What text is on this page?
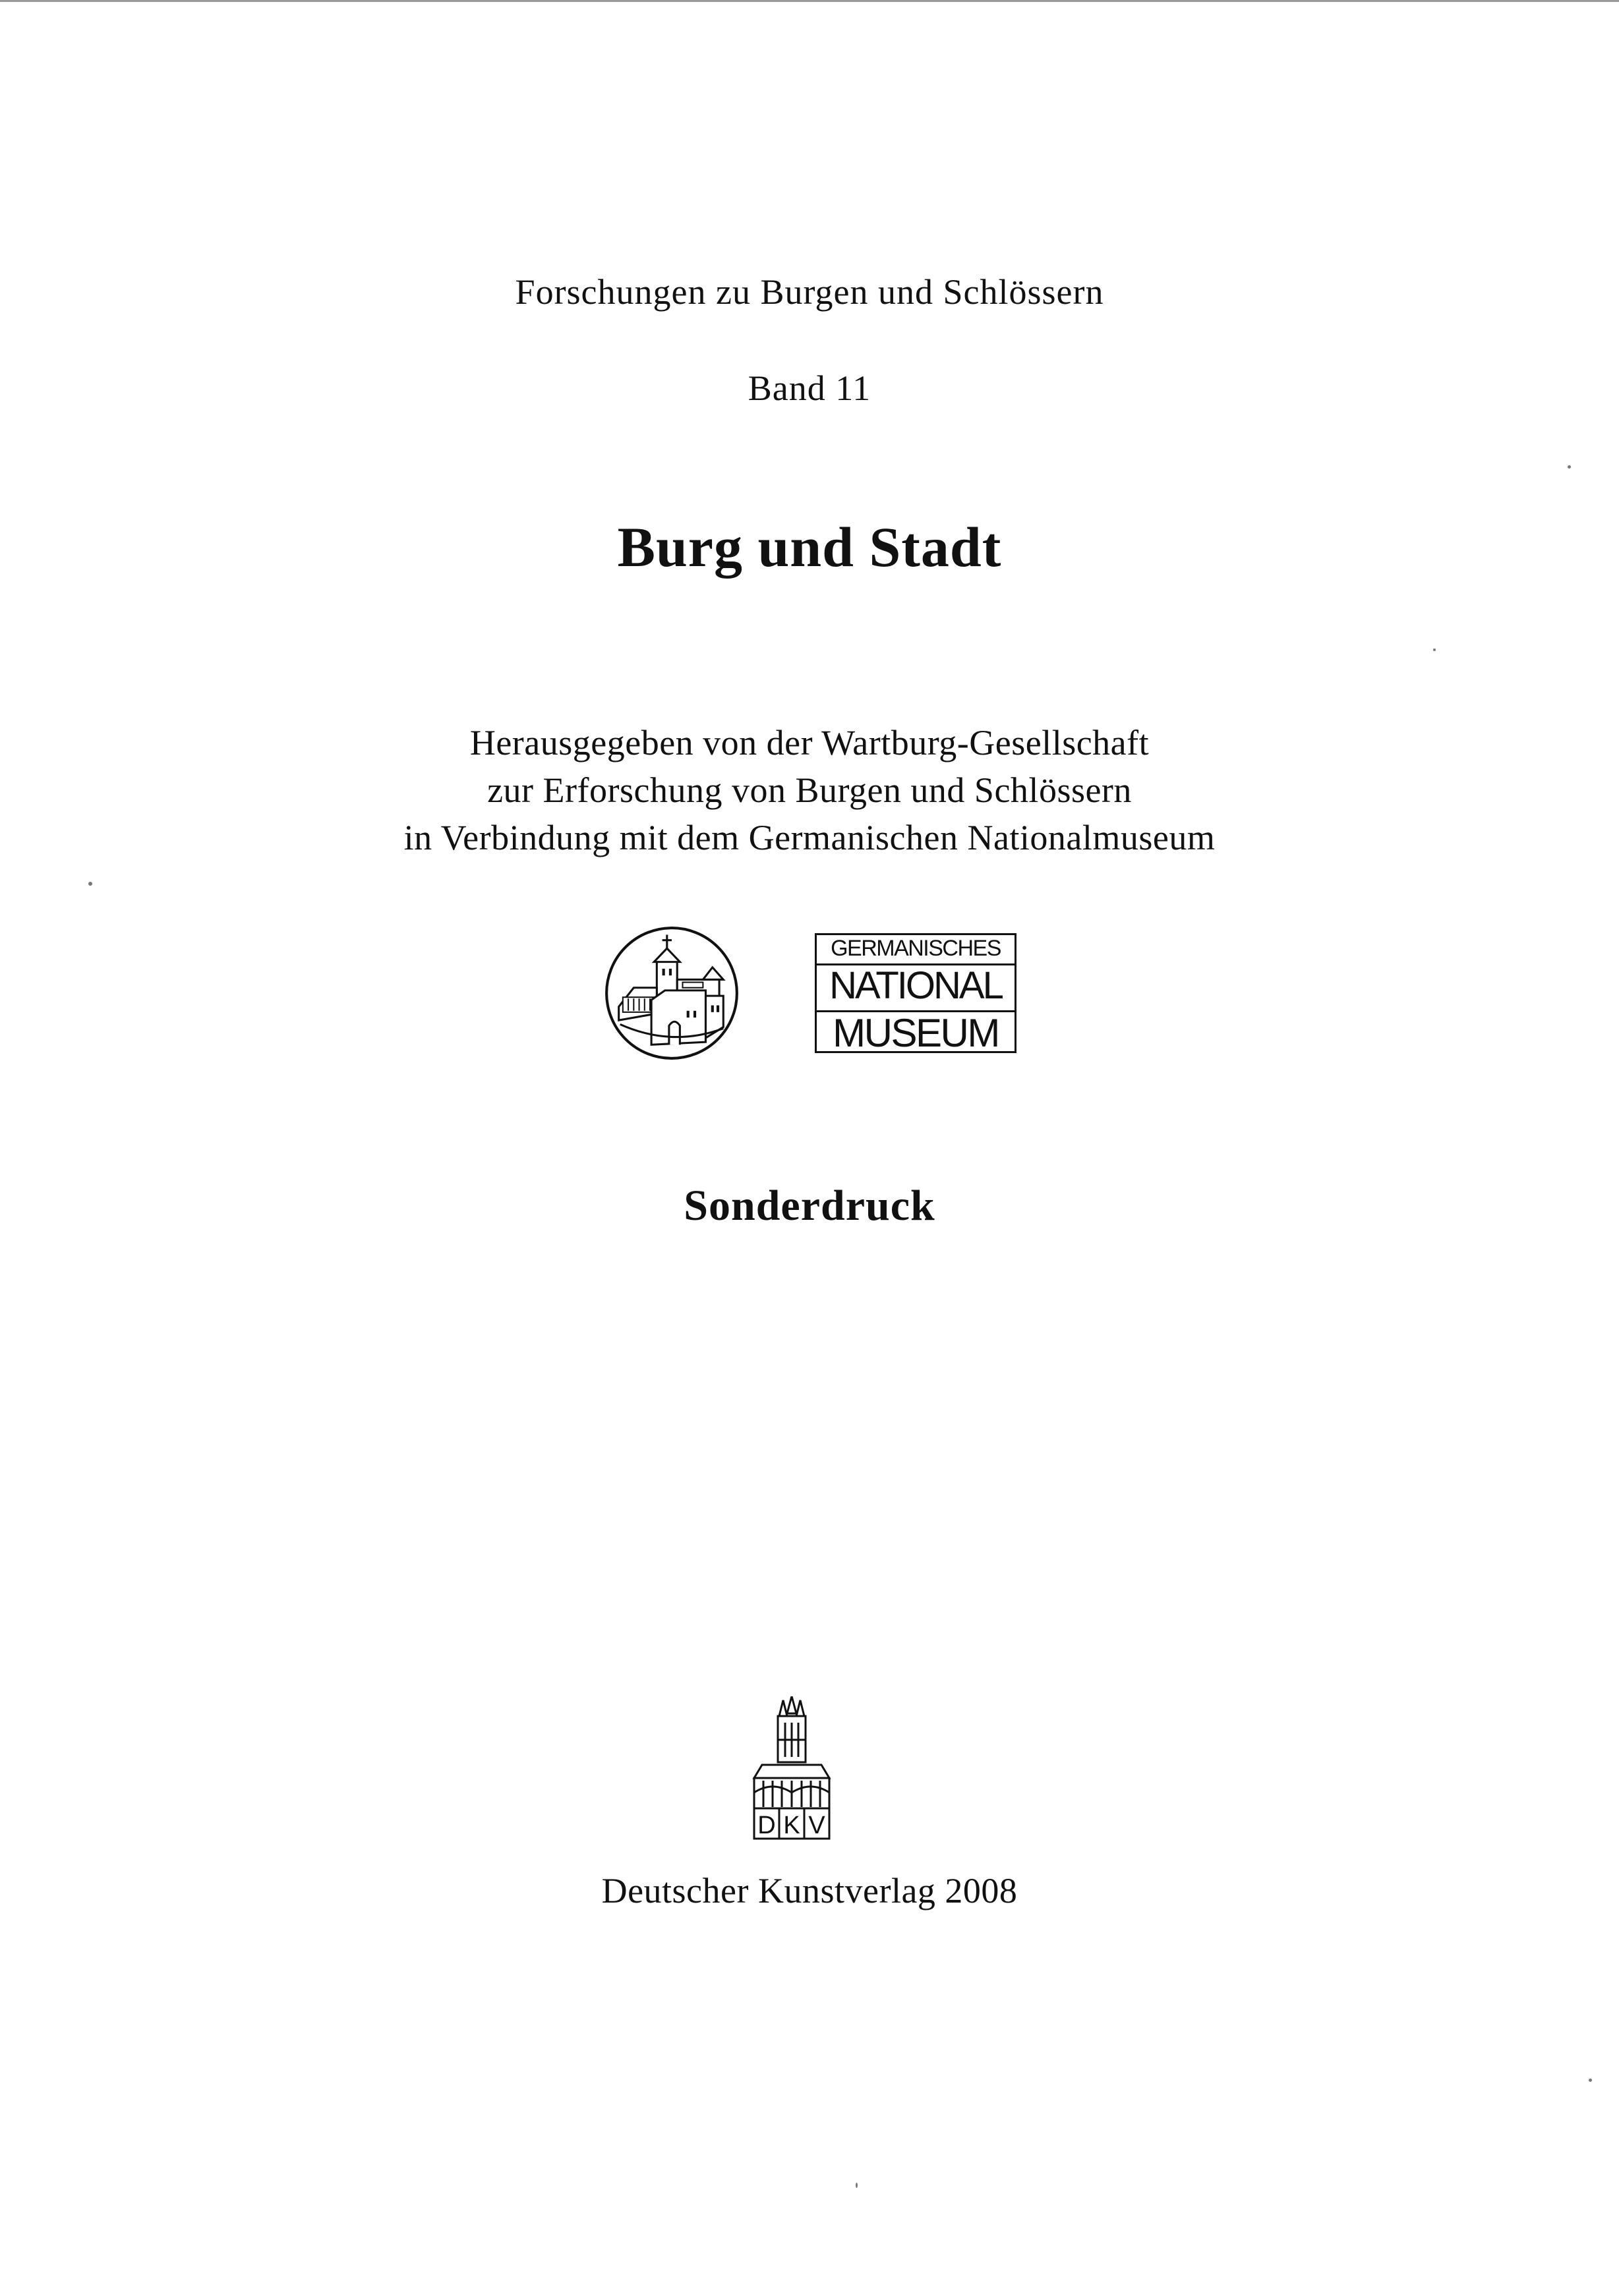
Forschungen zu Burgen und Schlössern
Band 11
Burg und Stadt
Herausgegeben von der Wartburg-Gesellschaft
zur Erforschung von Burgen und Schlössern
in Verbindung mit dem Germanischen Nationalmuseum
GERMANISCHES
NATIONAL
MUSEUM
Sonderdruck
D K V
Deutscher Kunstverlag 2008
